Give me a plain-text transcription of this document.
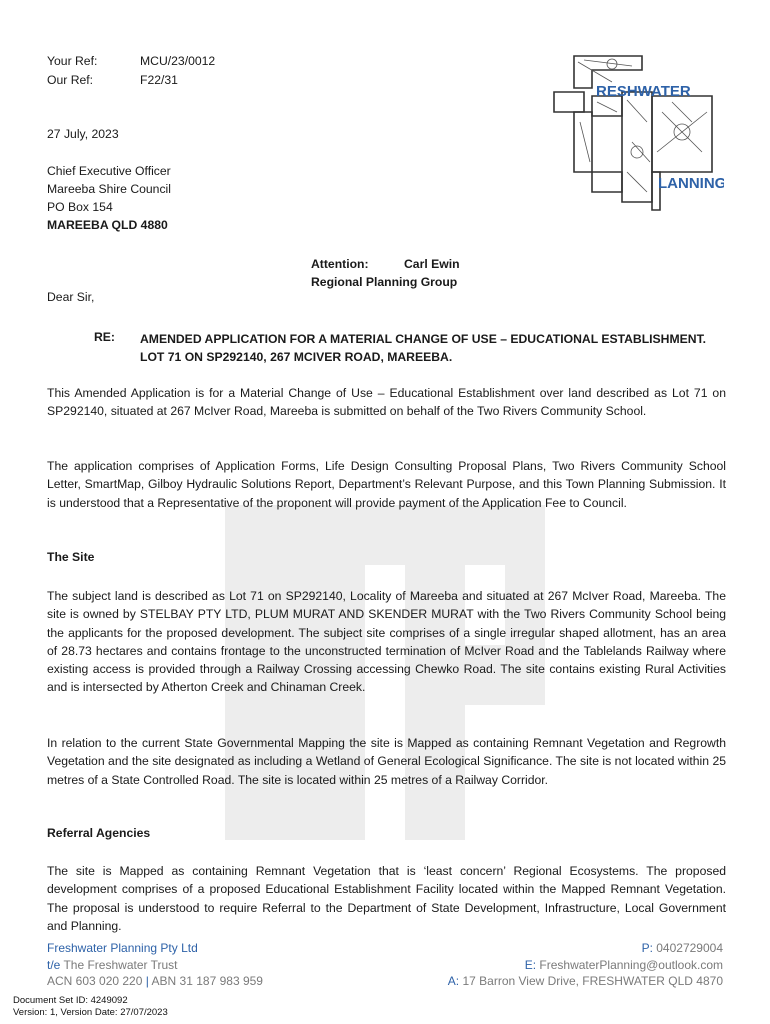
RESHWATER
LANNING
Your Ref:	MCU/23/0012
Our Ref:	F22/31
27 July, 2023
Chief Executive Officer
Mareeba Shire Council
PO Box 154
MAREEBA QLD 4880
Attention:	Carl Ewin
Regional Planning Group
Dear Sir,
RE: AMENDED APPLICATION FOR A MATERIAL CHANGE OF USE – EDUCATIONAL ESTABLISHMENT.
LOT 71 ON SP292140, 267 MCIVER ROAD, MAREEBA.
This Amended Application is for a Material Change of Use – Educational Establishment over land described as Lot 71 on SP292140, situated at 267 McIver Road, Mareeba is submitted on behalf of the Two Rivers Community School.
The application comprises of Application Forms, Life Design Consulting Proposal Plans, Two Rivers Community School Letter, SmartMap, Gilboy Hydraulic Solutions Report, Department’s Relevant Purpose, and this Town Planning Submission. It is understood that a Representative of the proponent will provide payment of the Application Fee to Council.
The Site
The subject land is described as Lot 71 on SP292140, Locality of Mareeba and situated at 267 McIver Road, Mareeba. The site is owned by STELBAY PTY LTD, PLUM MURAT AND SKENDER MURAT with the Two Rivers Community School being the applicants for the proposed development. The subject site comprises of a single irregular shaped allotment, has an area of 28.73 hectares and contains frontage to the unconstructed termination of McIver Road and the Tablelands Railway where existing access is provided through a Railway Crossing accessing Chewko Road. The site contains existing Rural Activities and is intersected by Atherton Creek and Chinaman Creek.
In relation to the current State Governmental Mapping the site is Mapped as containing Remnant Vegetation and Regrowth Vegetation and the site designated as including a Wetland of General Ecological Significance. The site is not located within 25 metres of a State Controlled Road. The site is located within 25 metres of a Railway Corridor.
Referral Agencies
The site is Mapped as containing Remnant Vegetation that is ‘least concern’ Regional Ecosystems. The proposed development comprises of a proposed Educational Establishment Facility located within the Mapped Remnant Vegetation. The proposal is understood to require Referral to the Department of State Development, Infrastructure, Local Government and Planning.
Freshwater Planning Pty Ltd
t/e The Freshwater Trust
ACN 603 020 220 | ABN 31 187 983 959
P: 0402729004
E: FreshwaterPlanning@outlook.com
A: 17 Barron View Drive, FRESHWATER QLD 4870
Document Set ID: 4249092
Version: 1, Version Date: 27/07/2023
